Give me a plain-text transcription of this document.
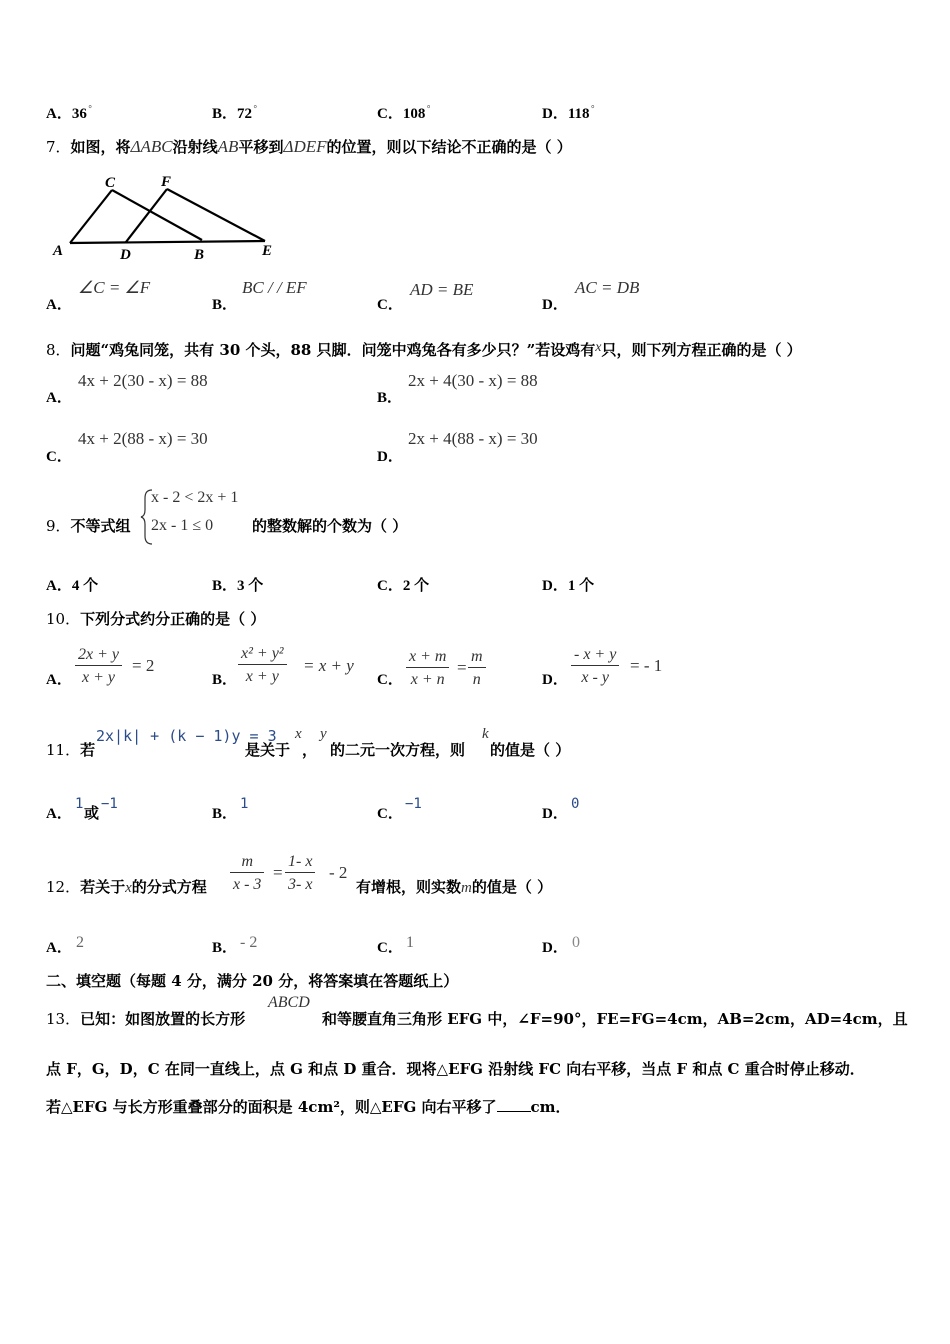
A．36°	B．72°	C．108°	D．118°
7．如图，将ΔABC沿射线AB平移到ΔDEF的位置，则以下结论不正确的是（ ）
C	F
A	D	B	E
A．
∠C = ∠F
B．
BC / / EF
C．
AD = BE
D．
AC = DB
8．问题“鸡兔同笼，共有 30 个头，88 只脚．问笼中鸡兔各有多少只？”若设鸡有x只，则下列方程正确的是（ ）
A．
4x + 2(30 - x) = 88
B．
2x + 4(30 - x) = 88
C．
4x + 2(88 - x) = 30
D．
2x + 4(88 - x) = 30
9．不等式组
x - 2 < 2x + 1
2x - 1 ≤ 0	的整数解的个数为（ ）
A．4 个	B．3 个	C．2 个	D．1 个
10．下列分式约分正确的是（ ）
A． $\frac{2x + y}{x + y} = 2$
B． $\frac{\text{x² + y²}}{x + y} = x + y$
C． $\frac{x + m}{x + n} = \frac{m}{n}$	D． $\frac{- x + y}{x - y}$ = - 1
11．若
2x|k| + (k − 1)y = 3
是关于
x
，
y
的二元一次方程，则
k
的值是（ ）
A．
1 或 −1
B．
1
C．
−1
D．
0
12．若关于x的分式方程 $\frac{m}{x - 3} = \frac{1- x}{3- x} - 2$
有增根，则实数m的值是（ ）
A． 2	B． - 2	C． 1	D． 0
二、填空题（每题 4 分，满分 20 分，将答案填在答题纸上）
13．已知：如图放置的长方形
ABCD
和等腰直角三角形 EFG 中，∠F=90°，FE=FG=4cm，AB=2cm，AD=4cm，且
点 F，G，D，C 在同一直线上，点 G 和点 D 重合．现将△EFG 沿射线 FC 向右平移，当点 F 和点 C 重合时停止移动．
若△EFG 与长方形重叠部分的面积是 4cm²，则△EFG 向右平移了 cm．
